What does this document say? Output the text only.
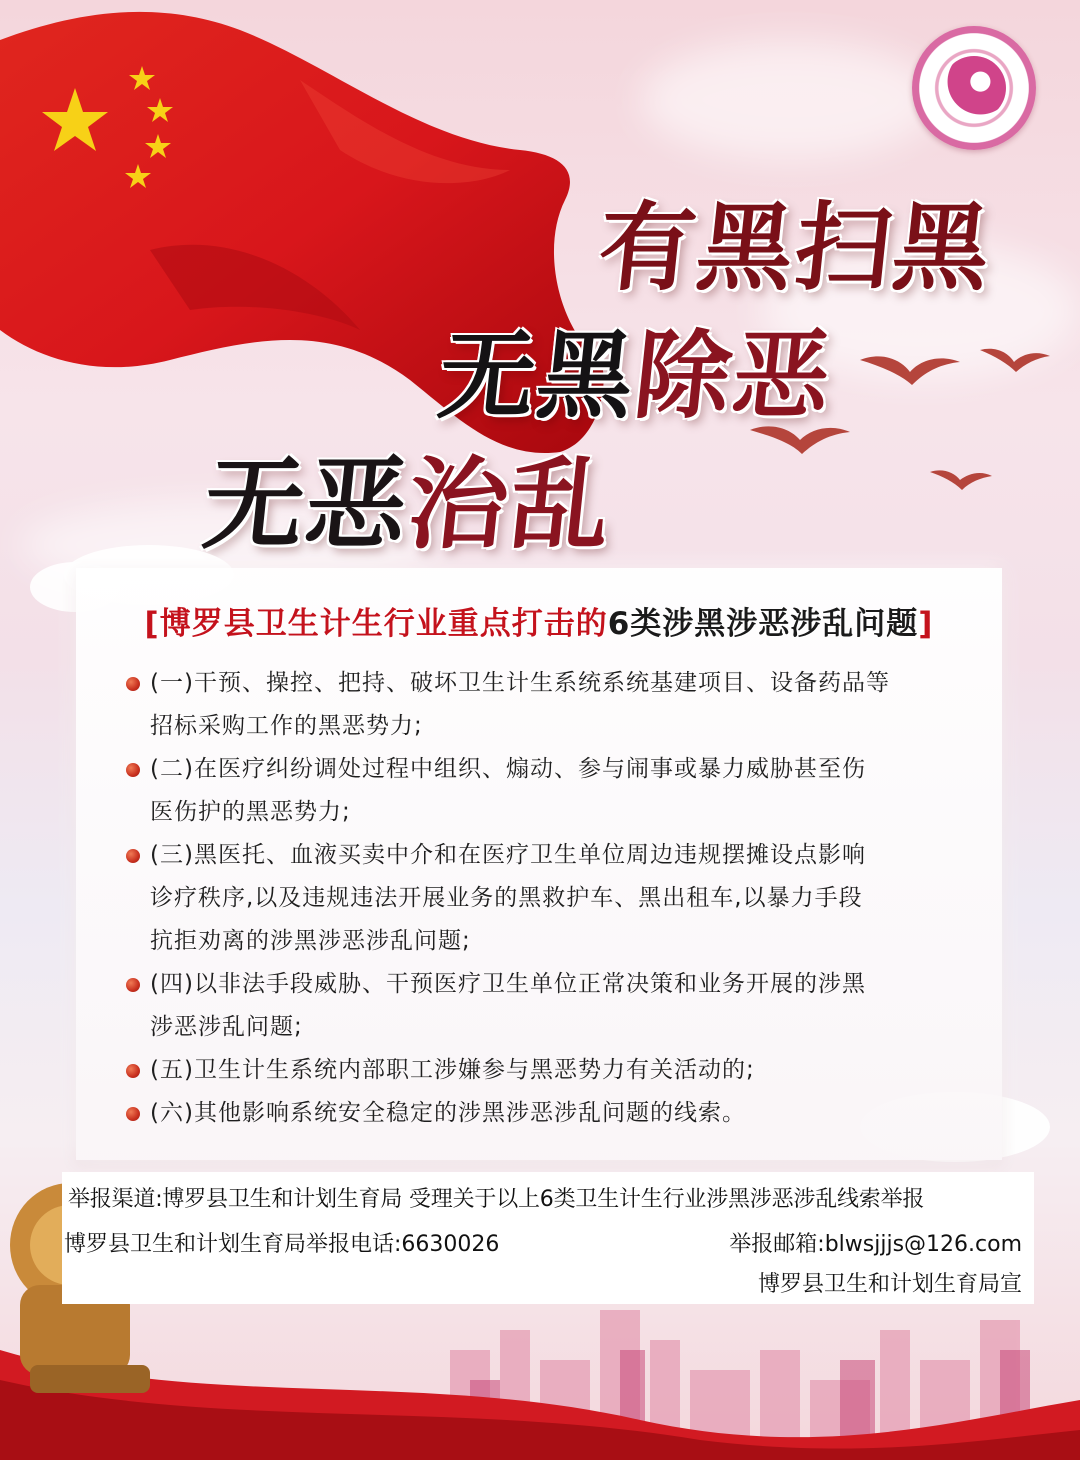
有黑扫黑
无黑除恶
无恶治乱
[博罗县卫生计生行业重点打击的6类涉黑涉恶涉乱问题]
(一)干预、操控、把持、破坏卫生计生系统系统基建项目、设备药品等
招标采购工作的黑恶势力;
(二)在医疗纠纷调处过程中组织、煽动、参与闹事或暴力威胁甚至伤
医伤护的黑恶势力;
(三)黑医托、血液买卖中介和在医疗卫生单位周边违规摆摊设点影响
诊疗秩序,以及违规违法开展业务的黑救护车、黑出租车,以暴力手段
抗拒劝离的涉黑涉恶涉乱问题;
(四)以非法手段威胁、干预医疗卫生单位正常决策和业务开展的涉黑
涉恶涉乱问题;
(五)卫生计生系统内部职工涉嫌参与黑恶势力有关活动的;
(六)其他影响系统安全稳定的涉黑涉恶涉乱问题的线索。
举报渠道:博罗县卫生和计划生育局 受理关于以上6类卫生计生行业涉黑涉恶涉乱线索举报
博罗县卫生和计划生育局举报电话:6630026	举报邮箱:blwsjjjs@126.com
博罗县卫生和计划生育局宣
